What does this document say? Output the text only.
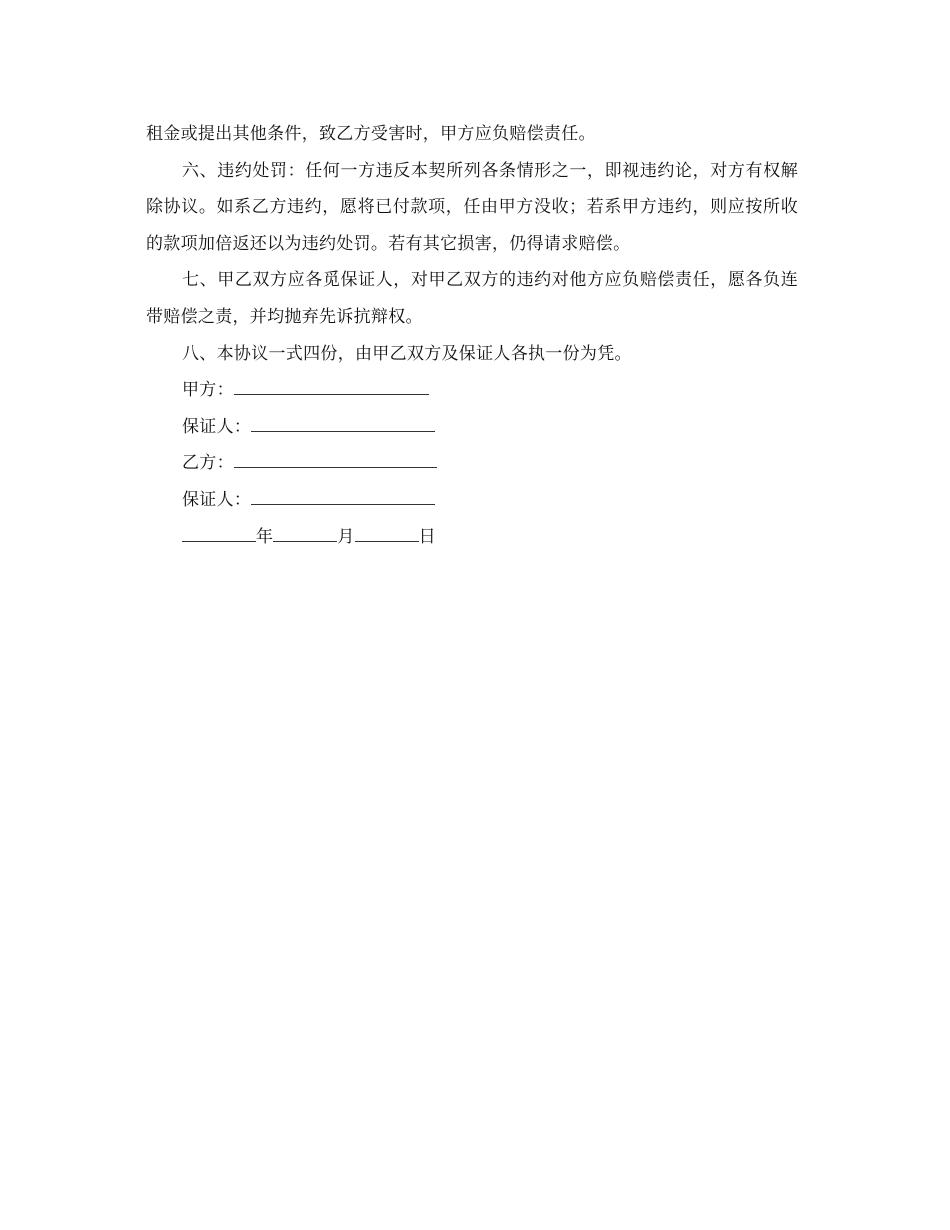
租金或提出其他条件，致乙方受害时，甲方应负赔偿责任。

六、违约处罚：任何一方违反本契所列各条情形之一，即视违约论，对方有权解除协议。如系乙方违约，愿将已付款项，任由甲方没收；若系甲方违约，则应按所收的款项加倍返还以为违约处罚。若有其它损害，仍得请求赔偿。

七、甲乙双方应各觅保证人，对甲乙双方的违约对他方应负赔偿责任，愿各负连带赔偿之责，并均抛弃先诉抗辩权。

八、本协议一式四份，由甲乙双方及保证人各执一份为凭。

甲方：
保证人：
乙方：
保证人：
年	月	日
